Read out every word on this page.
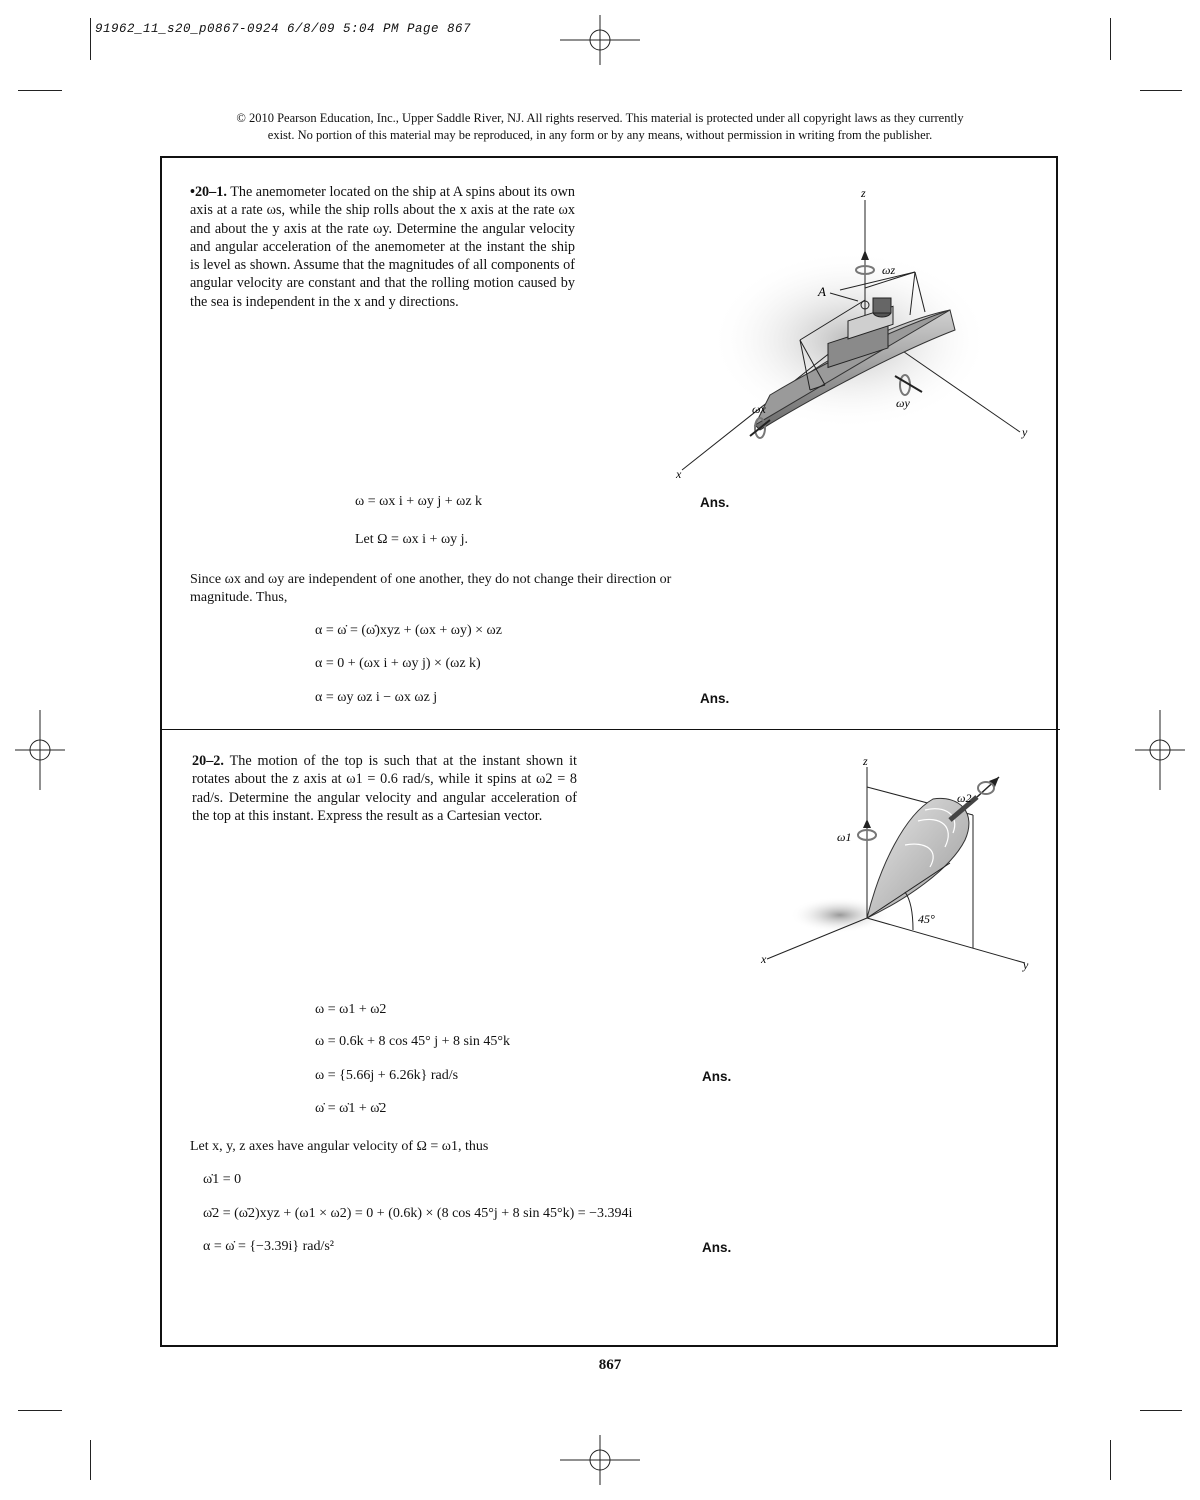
91962_11_s20_p0867-0924 6/8/09 5:04 PM Page 867
© 2010 Pearson Education, Inc., Upper Saddle River, NJ. All rights reserved. This material is protected under all copyright laws as they currently
exist. No portion of this material may be reproduced, in any form or by any means, without permission in writing from the publisher.
•20–1. The anemometer located on the ship at A spins about its own axis at a rate ωs, while the ship rolls about the x axis at the rate ωx and about the y axis at the rate ωy. Determine the angular velocity and angular acceleration of the anemometer at the instant the ship is level as shown. Assume that the magnitudes of all components of angular velocity are constant and that the rolling motion caused by the sea is independent in the x and y directions.
A
z
x
y
ωz
ωx	ωy
ω = ωx i + ωy j + ωz k	Ans.
Let Ω = ωx i + ωy j.
Since ωx and ωy are independent of one another, they do not change their direction or magnitude. Thus,
α = ω̇ = (ω̇)xyz + (ωx + ωy) × ωz
α = 0 + (ωx i + ωy j) × (ωz k)
α = ωy ωz i − ωx ωz j	Ans.
20–2. The motion of the top is such that at the instant shown it rotates about the z axis at ω1 = 0.6 rad/s, while it spins at ω2 = 8 rad/s. Determine the angular velocity and angular acceleration of the top at this instant. Express the result as a Cartesian vector.
z
x	y
ω1
ω2
45°
ω = ω1 + ω2
ω = 0.6k + 8 cos 45° j + 8 sin 45°k
ω = {5.66j + 6.26k} rad/s	Ans.
ω̇ = ω̇1 + ω̇2
Let x, y, z axes have angular velocity of Ω = ω1, thus
ω̇1 = 0
ω̇2 = (ω̇2)xyz + (ω1 × ω2) = 0 + (0.6k) × (8 cos 45°j + 8 sin 45°k) = −3.394i
α = ω̇ = {−3.39i} rad/s²	Ans.
867
